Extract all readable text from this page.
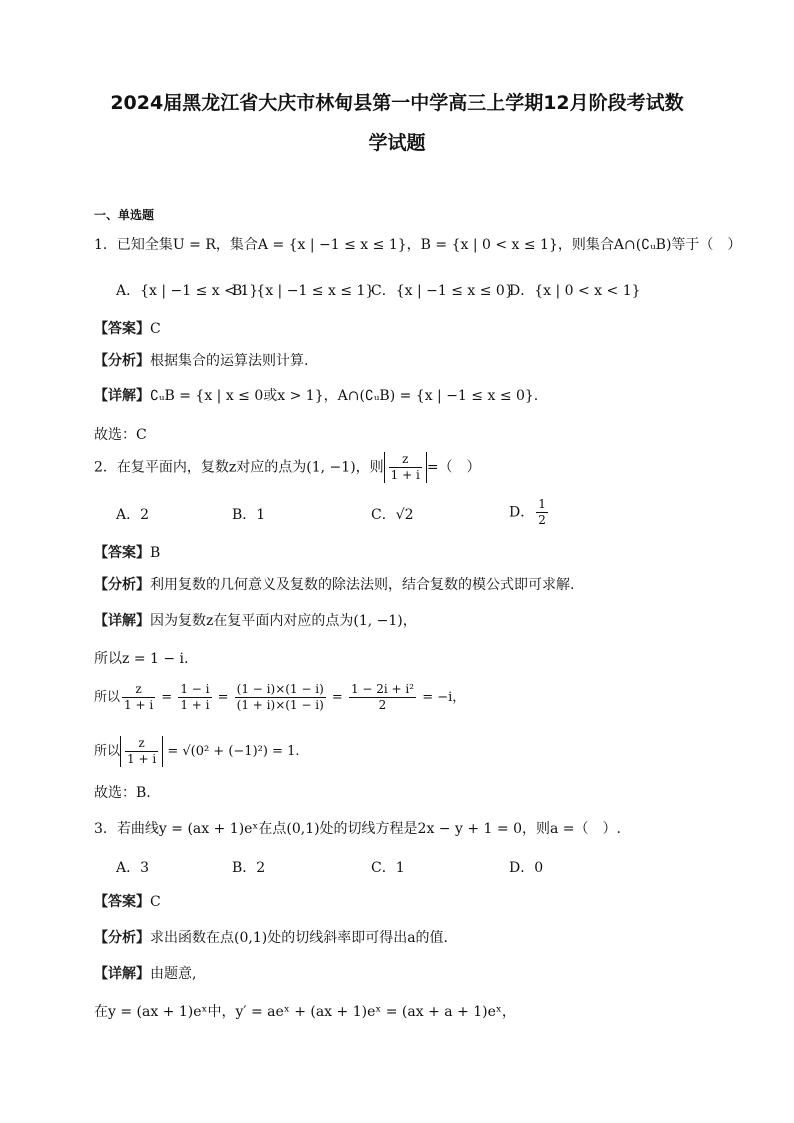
2024届黑龙江省大庆市林甸县第一中学高三上学期12月阶段考试数
学试题
一、单选题
1．已知全集U = R，集合A = {x | −1 ≤ x ≤ 1}，B = {x | 0 < x ≤ 1}，则集合A∩(∁ᵤB)等于（　）
A．{x | −1 ≤ x < 1}
B．{x | −1 ≤ x ≤ 1}
C．{x | −1 ≤ x ≤ 0}
D．{x | 0 < x < 1}
【答案】C
【分析】根据集合的运算法则计算.
【详解】∁ᵤB = {x | x ≤ 0或x > 1}，A∩(∁ᵤB) = {x | −1 ≤ x ≤ 0}.
故选：C
2．在复平面内，复数z对应的点为(1, −1)，则 $\frac{z}{1 + i}$ =（　）
A．2	B．1	C．√2	D． $\frac{1}{2}$
【答案】B
【分析】利用复数的几何意义及复数的除法法则，结合复数的模公式即可求解.
【详解】因为复数z在复平面内对应的点为(1, −1)，
所以z = 1 − i.
所以 $\frac{z}{1 + i} = \frac{1 - i}{1 + i} = \frac{(1 - i)\times(1 - i)}{(1 + i)\times(1 - i)} = \frac{\text{1 − 2i + i²}}{2} = -i$，
所以 $\frac{z}{1 + i} = √(0^2 + (-1)^2) = 1$.
故选：B.
3．若曲线y = (ax + 1)eˣ在点(0,1)处的切线方程是2x − y + 1 = 0，则a =（　）.
A．3	B．2	C．1	D．0
【答案】C
【分析】求出函数在点(0,1)处的切线斜率即可得出a的值.
【详解】由题意,
在y = (ax + 1)eˣ中，y′ = aeˣ + (ax + 1)eˣ = (ax + a + 1)eˣ，
